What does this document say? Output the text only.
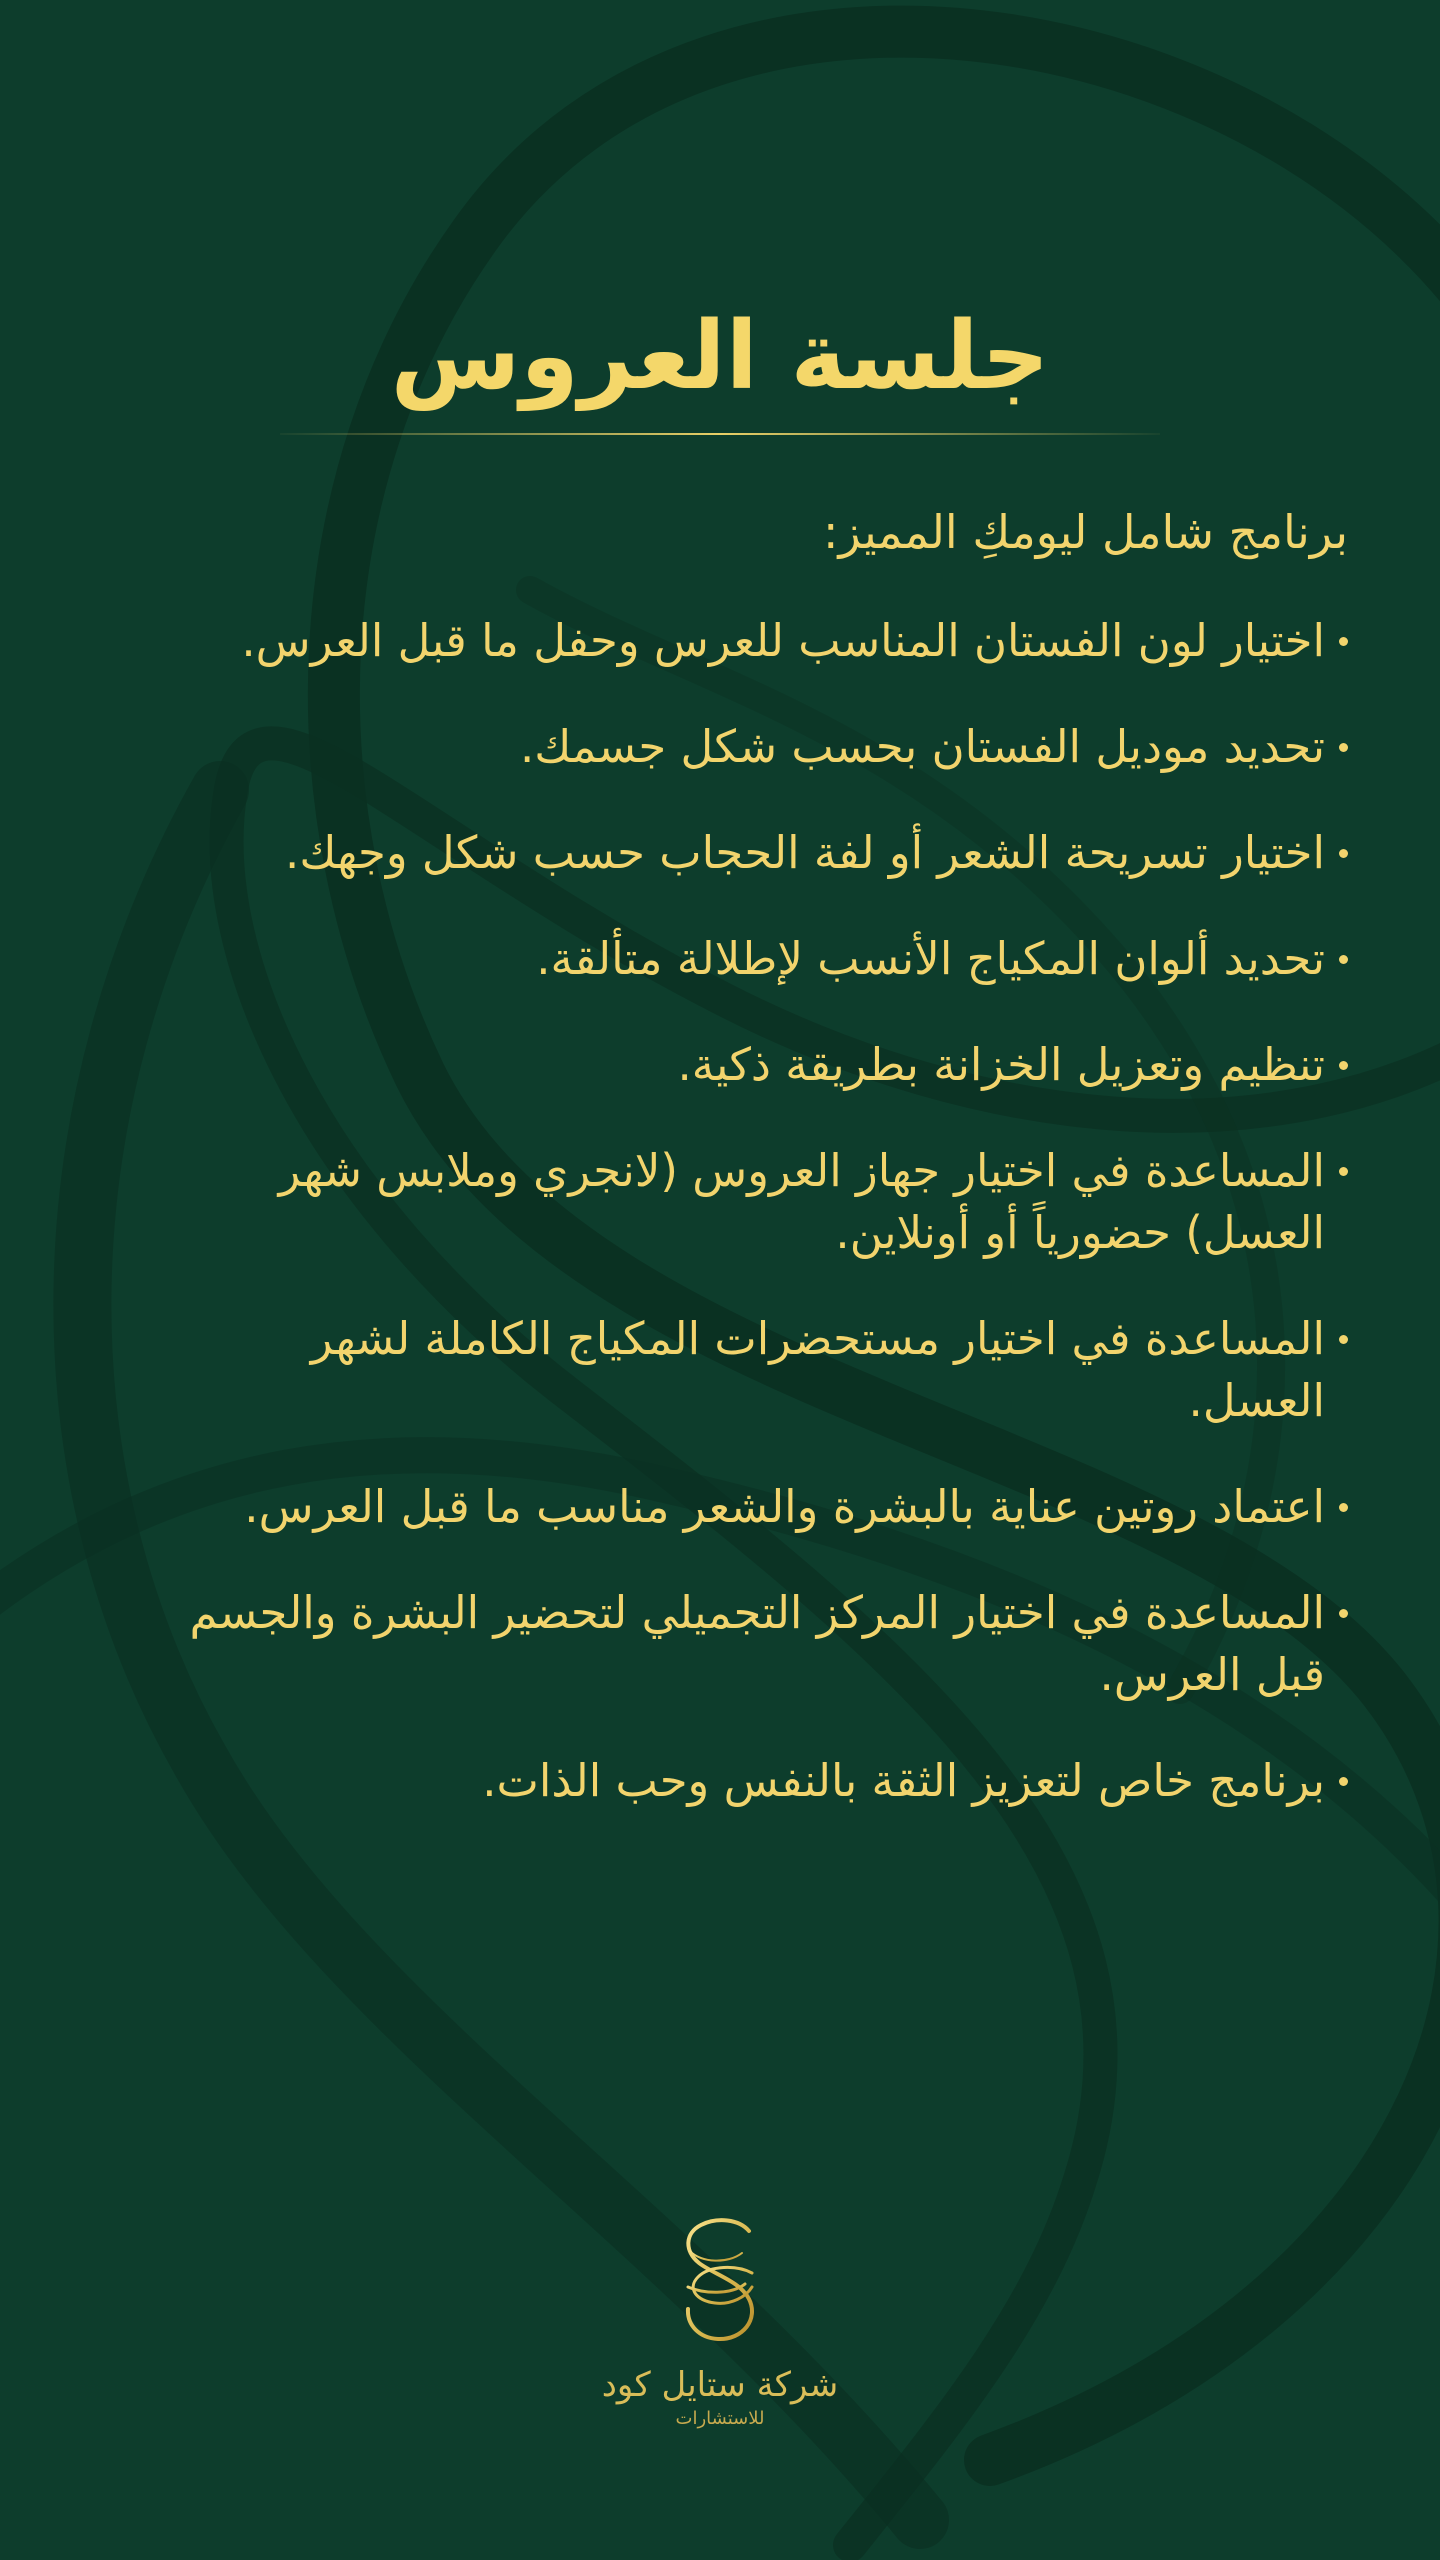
جلسة العروس

برنامج شامل ليومكِ المميز:

اختيار لون الفستان المناسب للعرس وحفل ما قبل العرس.
تحديد موديل الفستان بحسب شكل جسمك.
اختيار تسريحة الشعر أو لفة الحجاب حسب شكل وجهك.
تحديد ألوان المكياج الأنسب لإطلالة متألقة.
تنظيم وتعزيل الخزانة بطريقة ذكية.
المساعدة في اختيار جهاز العروس (لانجري وملابس شهر
العسل) حضورياً أو أونلاين.
المساعدة في اختيار مستحضرات المكياج الكاملة لشهر
العسل.
اعتماد روتين عناية بالبشرة والشعر مناسب ما قبل العرس.
المساعدة في اختيار المركز التجميلي لتحضير البشرة والجسم
قبل العرس.
برنامج خاص لتعزيز الثقة بالنفس وحب الذات.
شركة ستايل كود
للاستشارات
